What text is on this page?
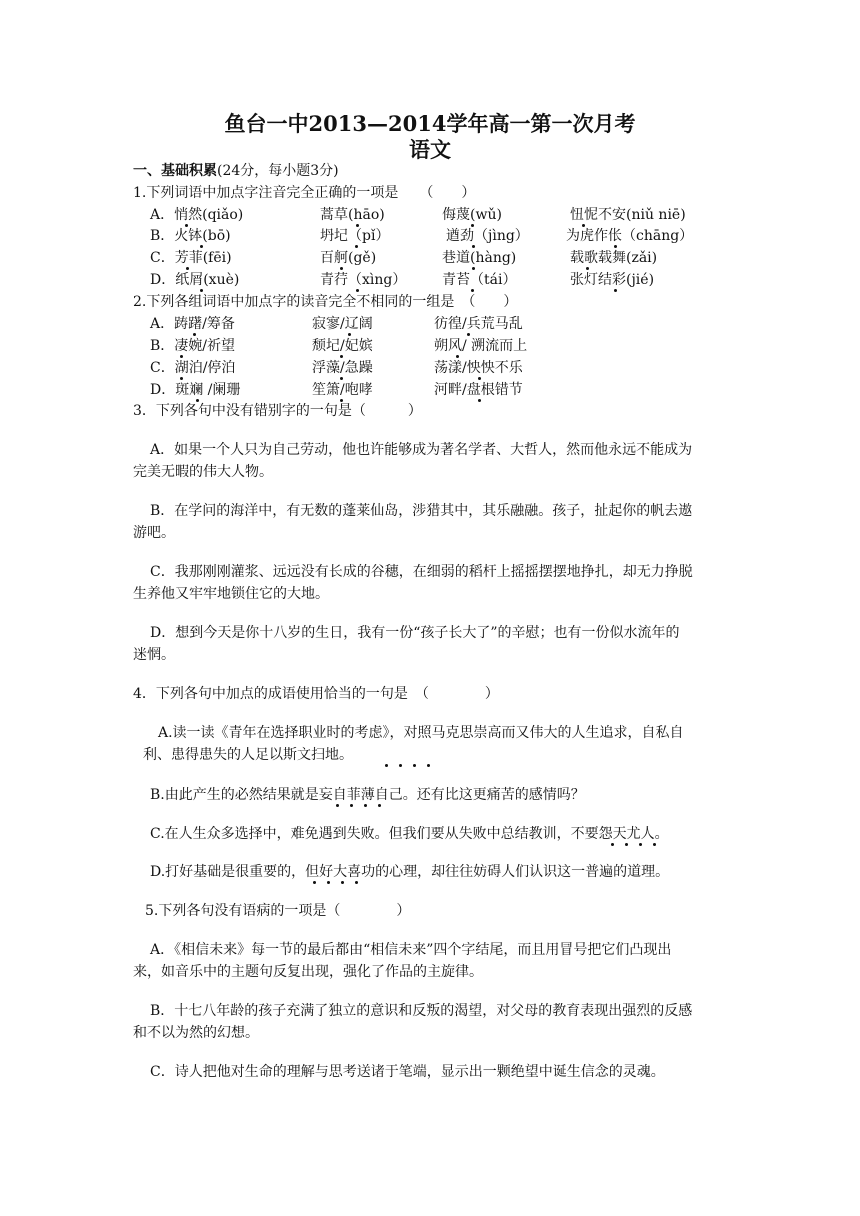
鱼台一中2013—2014学年高一第一次月考
语文
一、基础积累(24分，每小题3分)
1.下列词语中加点字注音完全正确的一项是　　（　　）
A．悄然(qiǎo)	蒿草(hāo)	侮蔑(wǔ)	忸怩不安(niǔ niē)
B．火钵(bō)	坍圮（pǐ）	遒劲（jìng）	为虎作伥（chāng）
C．芳菲(fēi)	百舸(gě)	巷道(hàng)	载歌载舞(zǎi)
D．纸屑(xuè)	青荇（xìng）	青苔（tái）	张灯结彩(jié)
2.下列各组词语中加点字的读音完全不相同的一组是　（　　）
A．踌躇/筹备	寂寥/辽阔	彷徨/兵荒马乱
B．凄婉/祈望	颓圮/妃嫔	朔风/ 溯流而上
C．湖泊/停泊	浮藻/急躁	荡漾/怏怏不乐
D．斑斓 /阑珊	笙箫/咆哮	河畔/盘根错节
3．下列各句中没有错别字的一句是（　　　）
A．如果一个人只为自己劳动，他也许能够成为著名学者、大哲人，然而他永远不能成为
完美无暇的伟大人物。
B．在学问的海洋中，有无数的蓬莱仙岛，涉猎其中，其乐融融。孩子，扯起你的帆去遨
游吧。
C．我那刚刚灌浆、远远没有长成的谷穗，在细弱的稻杆上摇摇摆摆地挣扎，却无力挣脱
生养他又牢牢地锁住它的大地。
D．想到今天是你十八岁的生日，我有一份“孩子长大了”的辛慰；也有一份似水流年的
迷惘。
4．下列各句中加点的成语使用恰当的一句是　（　　　　）
A.读一读《青年在选择职业时的考虑》，对照马克思崇高而又伟大的人生追求，自私自
利、患得患失的人足以斯文扫地。
B.由此产生的必然结果就是妄自菲薄自己。还有比这更痛苦的感情吗？
C.在人生众多选择中，难免遇到失败。但我们要从失败中总结教训，不要怨天尤人。
D.打好基础是很重要的，但好大喜功的心理，却往往妨碍人们认识这一普遍的道理。
5.下列各句没有语病的一项是（　　　　）
A．《相信未来》每一节的最后都由“相信未来”四个字结尾，而且用冒号把它们凸现出
来，如音乐中的主题句反复出现，强化了作品的主旋律。
B．十七八年龄的孩子充满了独立的意识和反叛的渴望，对父母的教育表现出强烈的反感
和不以为然的幻想。
C．诗人把他对生命的理解与思考送诸于笔端，显示出一颗绝望中诞生信念的灵魂。
